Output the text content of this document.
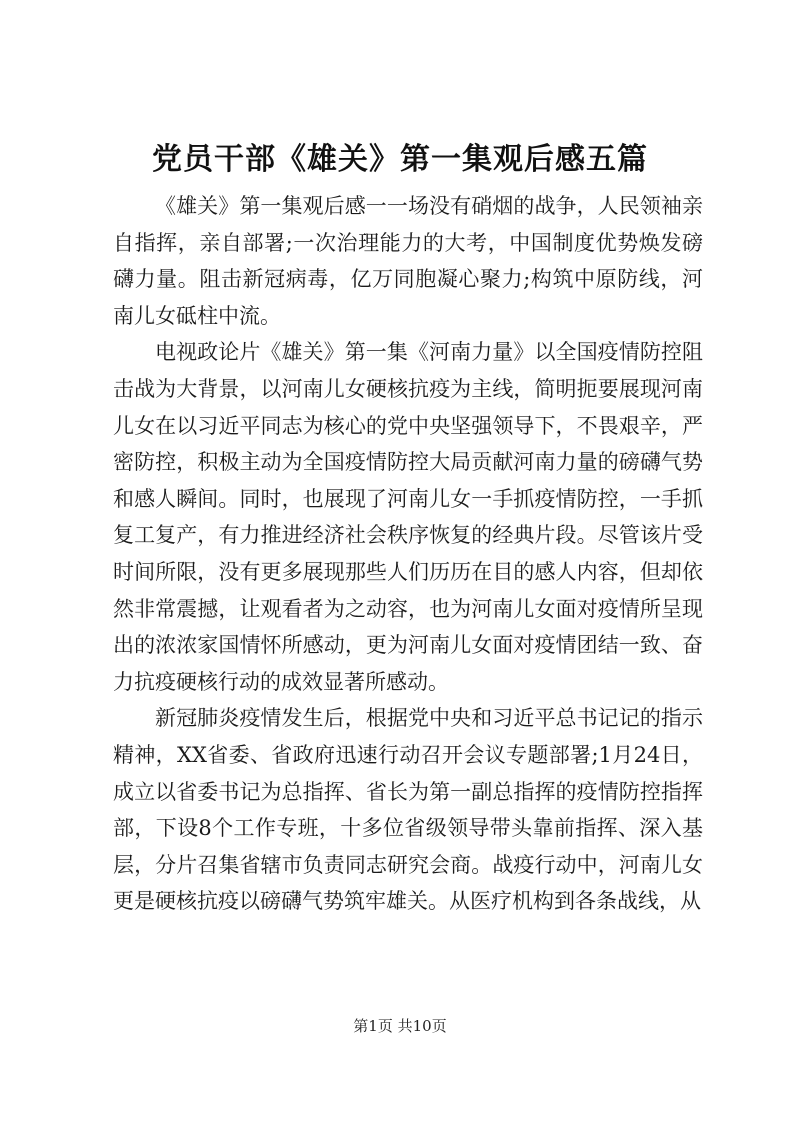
党员干部《雄关》第一集观后感五篇

《雄关》第一集观后感一一场没有硝烟的战争，人民领袖亲自指挥，亲自部署;一次治理能力的大考，中国制度优势焕发磅礴力量。阻击新冠病毒，亿万同胞凝心聚力;构筑中原防线，河南儿女砥柱中流。

电视政论片《雄关》第一集《河南力量》以全国疫情防控阻击战为大背景，以河南儿女硬核抗疫为主线，简明扼要展现河南儿女在以习近平同志为核心的党中央坚强领导下，不畏艰辛，严密防控，积极主动为全国疫情防控大局贡献河南力量的磅礴气势和感人瞬间。同时，也展现了河南儿女一手抓疫情防控，一手抓复工复产，有力推进经济社会秩序恢复的经典片段。尽管该片受时间所限，没有更多展现那些人们历历在目的感人内容，但却依然非常震撼，让观看者为之动容，也为河南儿女面对疫情所呈现出的浓浓家国情怀所感动，更为河南儿女面对疫情团结一致、奋力抗疫硬核行动的成效显著所感动。

新冠肺炎疫情发生后，根据党中央和习近平总书记记的指示精神，XX省委、省政府迅速行动召开会议专题部署;1月24日，成立以省委书记为总指挥、省长为第一副总指挥的疫情防控指挥部，下设8个工作专班，十多位省级领导带头靠前指挥、深入基层，分片召集省辖市负责同志研究会商。战疫行动中，河南儿女更是硬核抗疫以磅礴气势筑牢雄关。从医疗机构到各条战线，从

第1页 共10页
